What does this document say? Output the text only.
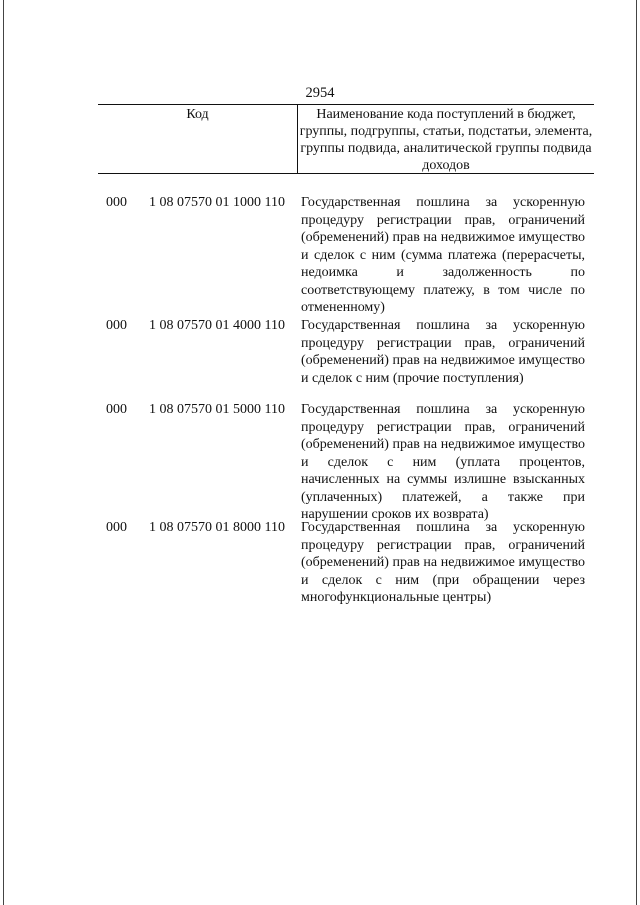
2954
Код	Наименование кода поступлений в бюджет, группы, подгруппы, статьи, подстатьи, элемента, группы подвида, аналитической группы подвида доходов
000 1 08 07570 01 1000 110 Государственная пошлина за ускоренную процедуру регистрации прав, ограничений (обременений) прав на недвижимое имущество и сделок с ним (сумма платежа (перерасчеты, недоимка и задолженность по соответствующему платежу, в том числе по отмененному)
000 1 08 07570 01 4000 110 Государственная пошлина за ускоренную процедуру регистрации прав, ограничений (обременений) прав на недвижимое имущество и сделок с ним (прочие поступления)
000 1 08 07570 01 5000 110 Государственная пошлина за ускоренную процедуру регистрации прав, ограничений (обременений) прав на недвижимое имущество и сделок с ним (уплата процентов, начисленных на суммы излишне взысканных (уплаченных) платежей, а также при нарушении сроков их возврата)
000 1 08 07570 01 8000 110 Государственная пошлина за ускоренную процедуру регистрации прав, ограничений (обременений) прав на недвижимое имущество и сделок с ним (при обращении через многофункциональные центры)
